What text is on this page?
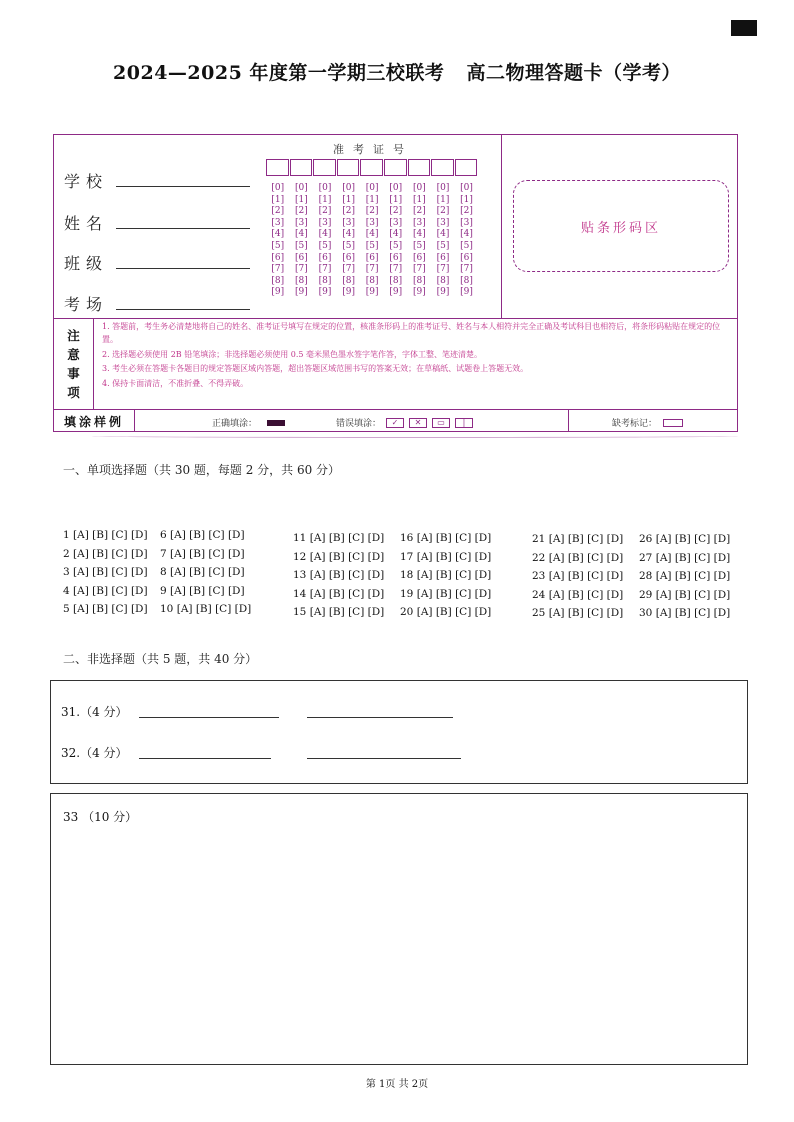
2024—2025 年度第一学期三校联考 高二物理答题卡（学考）
学校
姓名
班级
考场
准考证号
[0]	[0]	[0]	[0]	[0]	[0]	[0]	[0]	[0]
[1]	[1]	[1]	[1]	[1]	[1]	[1]	[1]	[1]
[2]	[2]	[2]	[2]	[2]	[2]	[2]	[2]	[2]
[3]	[3]	[3]	[3]	[3]	[3]	[3]	[3]	[3]
[4]	[4]	[4]	[4]	[4]	[4]	[4]	[4]	[4]
[5]	[5]	[5]	[5]	[5]	[5]	[5]	[5]	[5]
[6]	[6]	[6]	[6]	[6]	[6]	[6]	[6]	[6]
[7]	[7]	[7]	[7]	[7]	[7]	[7]	[7]	[7]
[8]	[8]	[8]	[8]	[8]	[8]	[8]	[8]	[8]
[9]	[9]	[9]	[9]	[9]	[9]	[9]	[9]	[9]
贴条形码区
注
意
事
项

1. 答题前，考生务必清楚地将自己的姓名、准考证号填写在规定的位置，核准条形码上的准考证号、姓名与本人相符并完全正确及考试科目也相符后，将条形码粘贴在规定的位置。

2. 选择题必须使用 2B 铅笔填涂；非选择题必须使用 0.5 毫米黑色墨水签字笔作答，字体工整、笔迹清楚。

3. 考生必须在答题卡各题目的规定答题区域内答题，超出答题区域范围书写的答案无效；在草稿纸、试题卷上答题无效。

4. 保持卡面清洁，不准折叠、不得弄破。

填涂样例	正确填涂：	错误填涂：	✓	✕	▭	|	缺考标记：
一、单项选择题（共 30 题，每题 2 分，共 60 分）
1 [A] [B] [C] [D]
2 [A] [B] [C] [D]
3 [A] [B] [C] [D]
4 [A] [B] [C] [D]
5 [A] [B] [C] [D]
6 [A] [B] [C] [D]
7 [A] [B] [C] [D]
8 [A] [B] [C] [D]
9 [A] [B] [C] [D]
10 [A] [B] [C] [D]
11 [A] [B] [C] [D]
12 [A] [B] [C] [D]
13 [A] [B] [C] [D]
14 [A] [B] [C] [D]
15 [A] [B] [C] [D]
16 [A] [B] [C] [D]
17 [A] [B] [C] [D]
18 [A] [B] [C] [D]
19 [A] [B] [C] [D]
20 [A] [B] [C] [D]
21 [A] [B] [C] [D]
22 [A] [B] [C] [D]
23 [A] [B] [C] [D]
24 [A] [B] [C] [D]
25 [A] [B] [C] [D]
26 [A] [B] [C] [D]
27 [A] [B] [C] [D]
28 [A] [B] [C] [D]
29 [A] [B] [C] [D]
30 [A] [B] [C] [D]
二、非选择题（共 5 题，共 40 分）
31.（4 分）
32.（4 分）
33 （10 分）
第 1页 共 2页
